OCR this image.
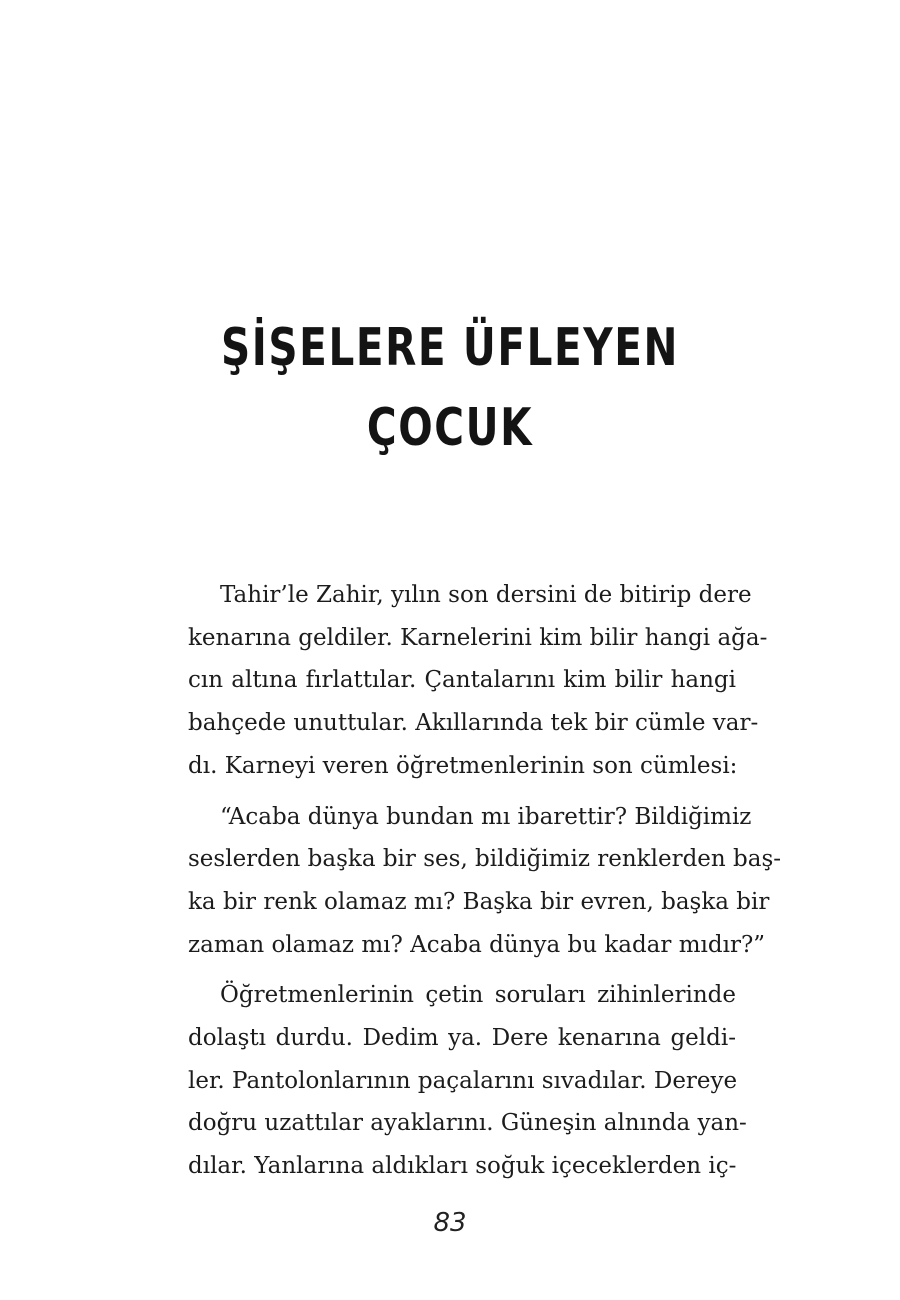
ŞİŞELERE ÜFLEYEN
ÇOCUK
Tahir’le Zahir, yılın son dersini de bitirip dere
kenarına geldiler. Karnelerini kim bilir hangi ağa-
cın altına fırlattılar. Çantalarını kim bilir hangi
bahçede unuttular. Akıllarında tek bir cümle var-
dı. Karneyi veren öğretmenlerinin son cümlesi:
“Acaba dünya bundan mı ibarettir? Bildiğimiz
seslerden başka bir ses, bildiğimiz renklerden baş-
ka bir renk olamaz mı? Başka bir evren, başka bir
zaman olamaz mı? Acaba dünya bu kadar mıdır?”
Öğretmenlerinin çetin soruları zihinlerinde
dolaştı durdu. Dedim ya. Dere kenarına geldi-
ler. Pantolonlarının paçalarını sıvadılar. Dereye
doğru uzattılar ayaklarını. Güneşin alnında yan-
dılar. Yanlarına aldıkları soğuk içeceklerden iç-
83
